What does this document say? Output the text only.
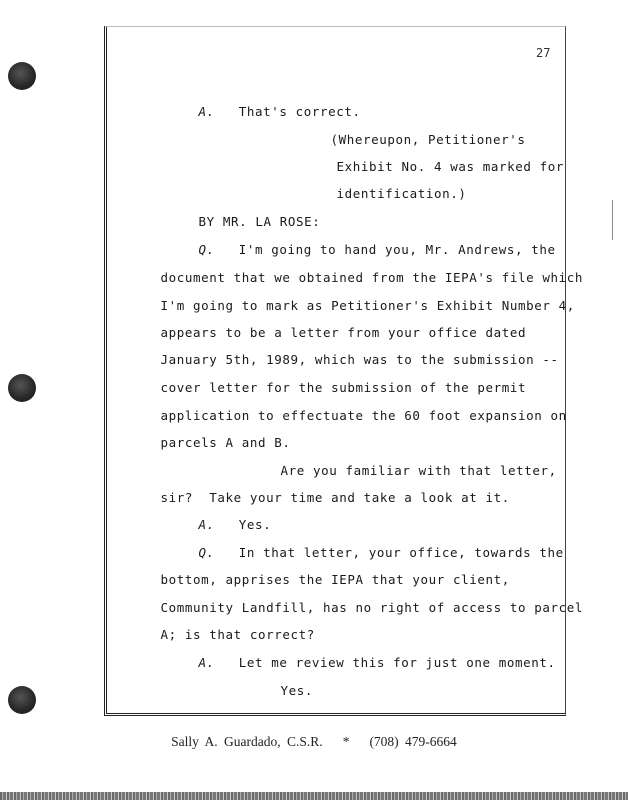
27

A. That's correct.

(Whereupon, Petitioner's

Exhibit No. 4 was marked for

identification.)

BY MR. LA ROSE:

Q. I'm going to hand you, Mr. Andrews, the

document that we obtained from the IEPA's file which

I'm going to mark as Petitioner's Exhibit Number 4,

appears to be a letter from your office dated

January 5th, 1989, which was to the submission --

cover letter for the submission of the permit

application to effectuate the 60 foot expansion on

parcels A and B.

Are you familiar with that letter,

sir?  Take your time and take a look at it.

A. Yes.

Q. In that letter, your office, towards the

bottom, apprises the IEPA that your client,

Community Landfill, has no right of access to parcel

A; is that correct?

A. Let me review this for just one moment.

Yes.

Sally A. Guardado, C.S.R. * (708) 479-6664
